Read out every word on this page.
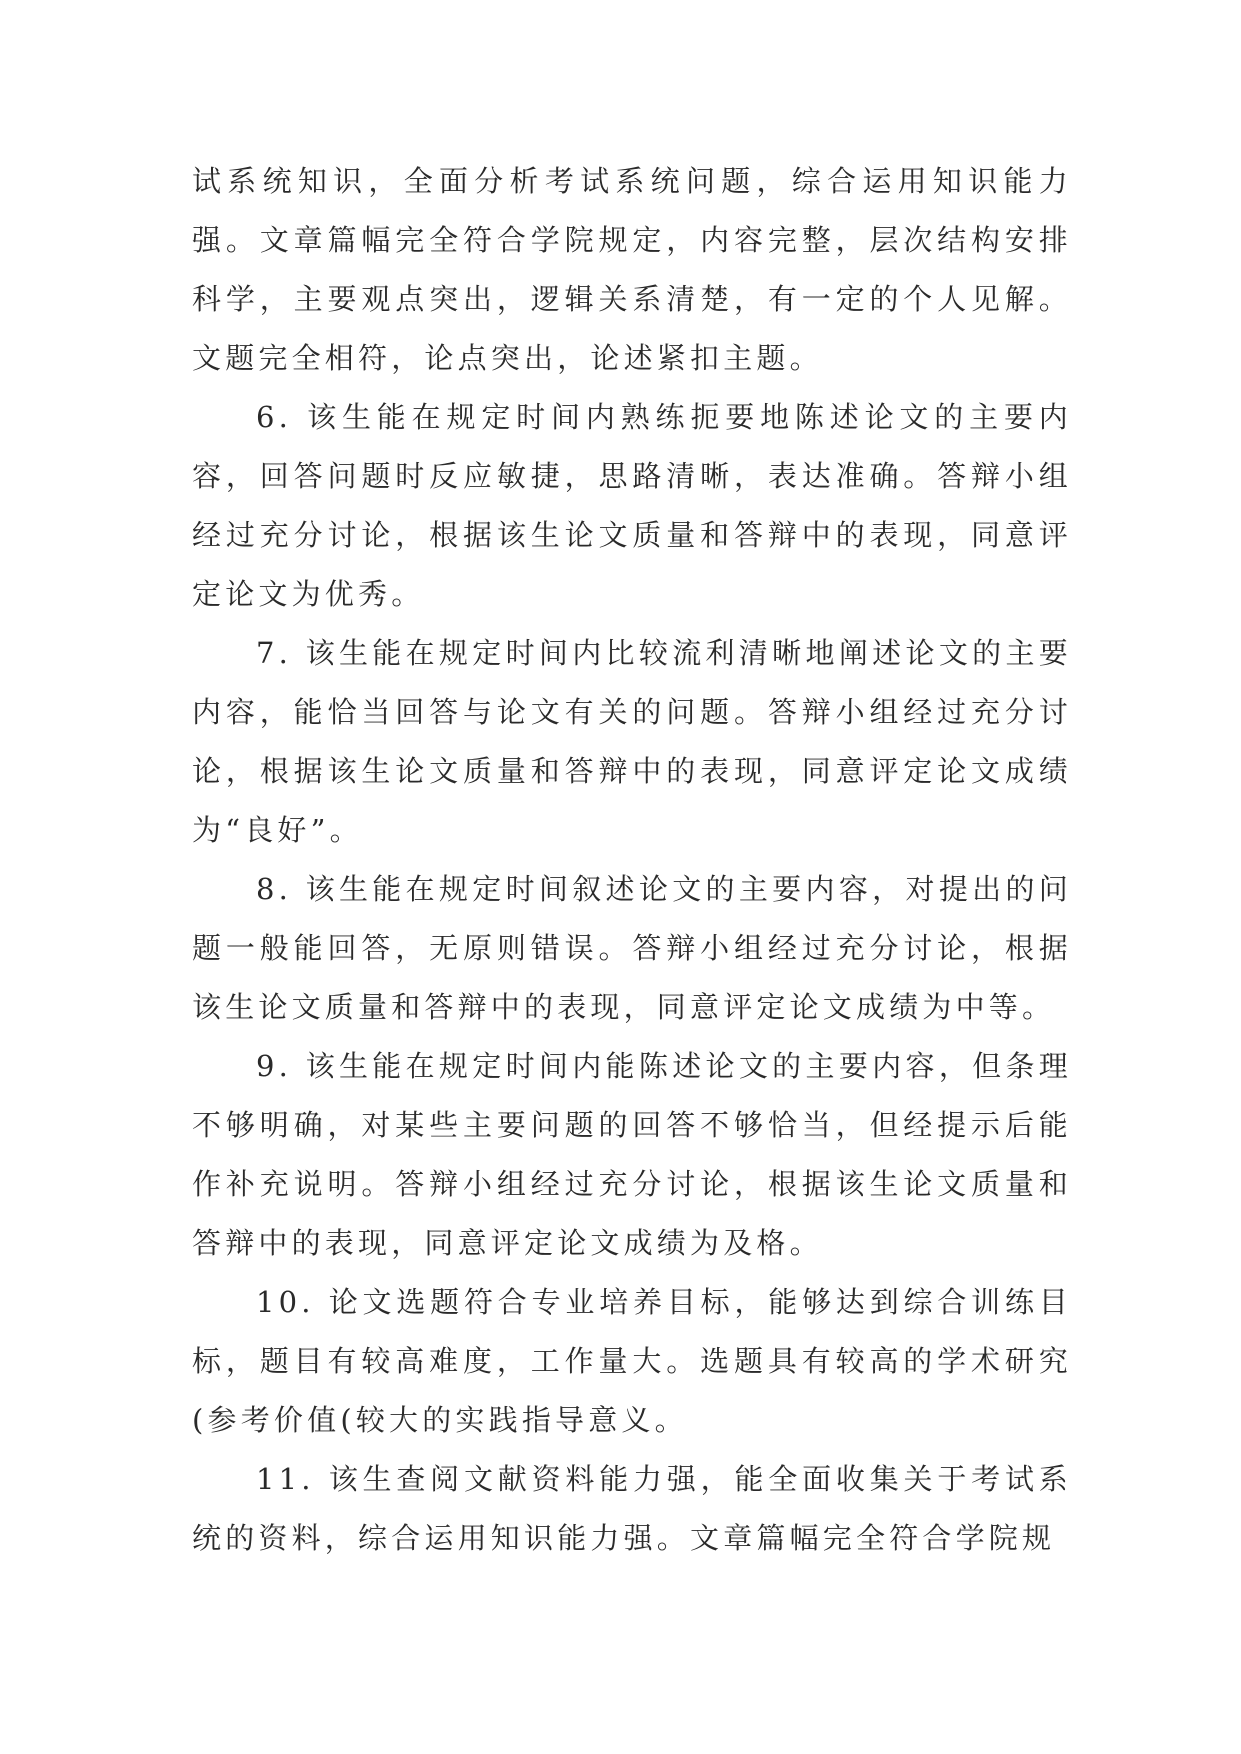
试系统知识，全面分析考试系统问题，综合运用知识能力强。文章篇幅完全符合学院规定，内容完整，层次结构安排科学，主要观点突出，逻辑关系清楚，有一定的个人见解。文题完全相符，论点突出，论述紧扣主题。

6. 该生能在规定时间内熟练扼要地陈述论文的主要内容，回答问题时反应敏捷，思路清晰，表达准确。答辩小组经过充分讨论，根据该生论文质量和答辩中的表现，同意评定论文为优秀。

7. 该生能在规定时间内比较流利清晰地阐述论文的主要内容，能恰当回答与论文有关的问题。答辩小组经过充分讨论，根据该生论文质量和答辩中的表现，同意评定论文成绩为“良好”。

8. 该生能在规定时间叙述论文的主要内容，对提出的问题一般能回答，无原则错误。答辩小组经过充分讨论，根据该生论文质量和答辩中的表现，同意评定论文成绩为中等。

9. 该生能在规定时间内能陈述论文的主要内容，但条理不够明确，对某些主要问题的回答不够恰当，但经提示后能作补充说明。答辩小组经过充分讨论，根据该生论文质量和答辩中的表现，同意评定论文成绩为及格。

10. 论文选题符合专业培养目标，能够达到综合训练目标，题目有较高难度，工作量大。选题具有较高的学术研究(参考价值(较大的实践指导意义。

11. 该生查阅文献资料能力强，能全面收集关于考试系统的资料，综合运用知识能力强。文章篇幅完全符合学院规
